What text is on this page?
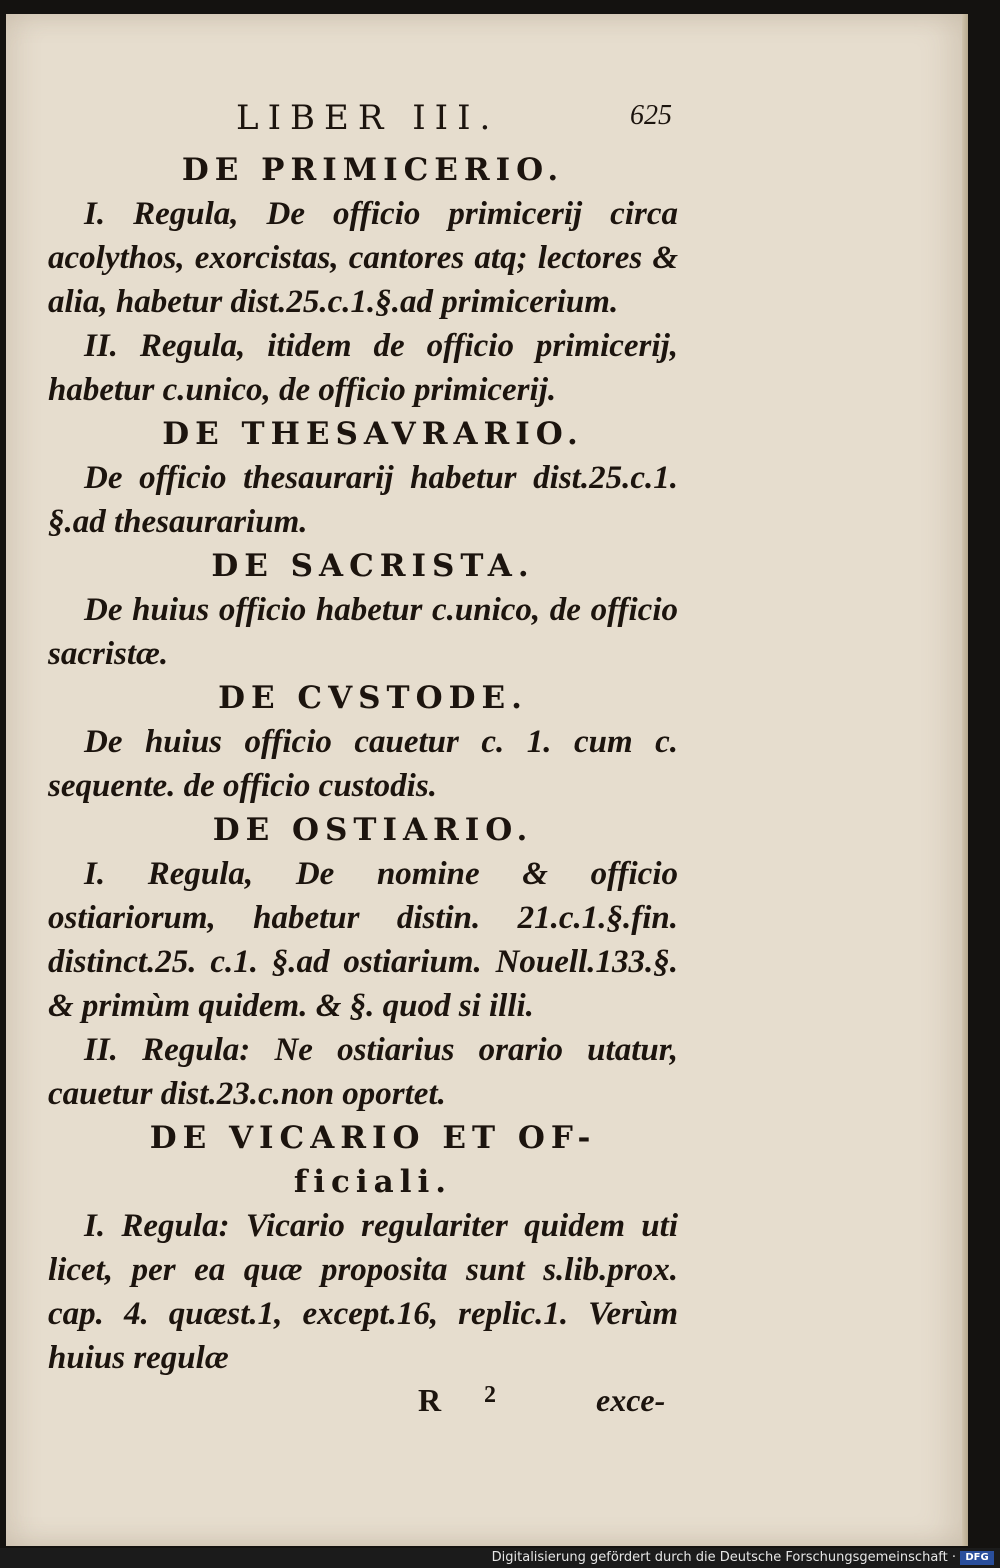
LIBER III.	625
DE PRIMICERIO.

I. Regula, De officio primicerij circa acolythos, exorcistas, cantores atq; lectores & alia, habetur dist.25.c.1.§.ad primicerium.

II. Regula, itidem de officio primicerij, habetur c.unico, de officio primicerij.

DE THESAVRARIO.

De officio thesaurarij habetur dist.25.c.1. §.ad thesaurarium.

DE SACRISTA.

De huius officio habetur c.unico, de officio sacristæ.

DE CVSTODE.

De huius officio cauetur c. 1. cum c. sequente. de officio custodis.

DE OSTIARIO.

I. Regula, De nomine & officio ostiariorum, habetur distin. 21.c.1.§.fin. distinct.25. c.1. §.ad ostiarium. Nouell.133.§. & primùm quidem. & §. quod si illi.

II. Regula: Ne ostiarius orario utatur, cauetur dist.23.c.non oportet.

DE VICARIO ET OF-
ficiali.

I. Regula: Vicario regulariter quidem uti licet, per ea quæ proposita sunt s.lib.prox. cap. 4. quæst.1, except.16, replic.1. Verùm huius regulæ

R 2	exce-
Digitalisierung gefördert durch die Deutsche Forschungsgemeinschaft · DFG
